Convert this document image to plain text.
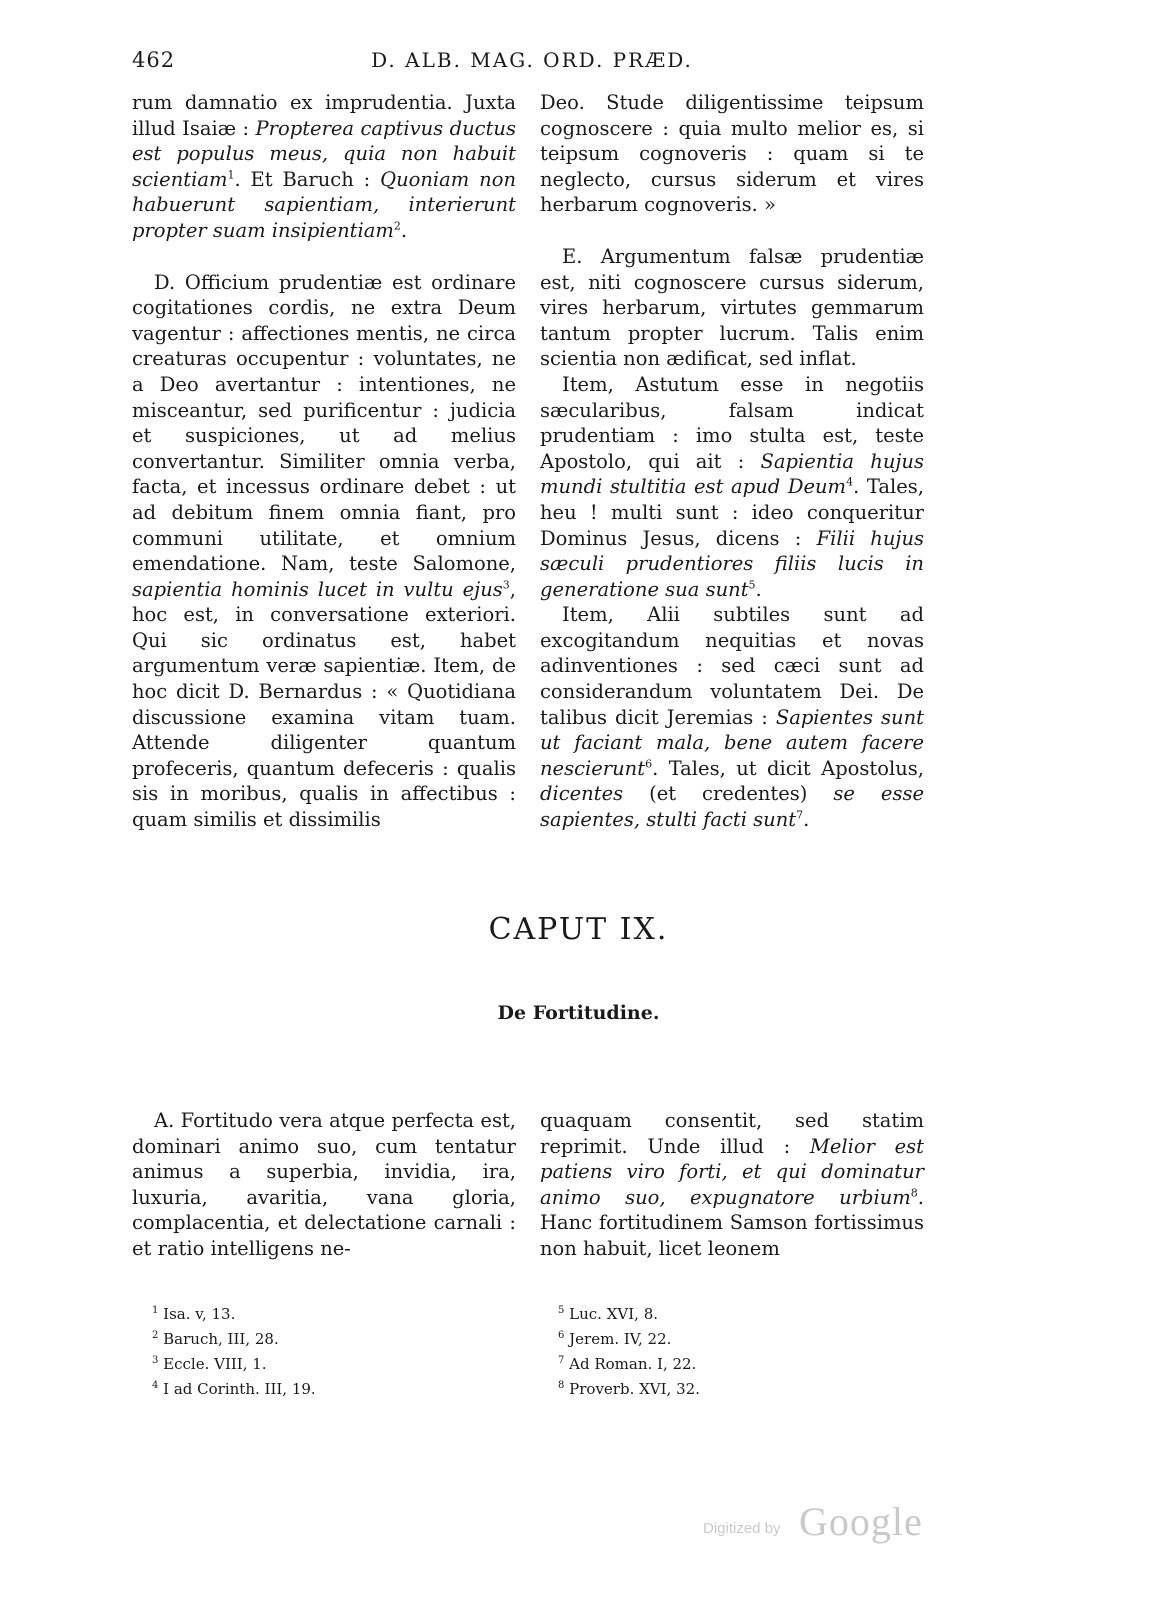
462	D. ALB. MAG. ORD. PRÆD.

rum damnatio ex imprudentia. Juxta illud Isaiæ : Propterea captivus ductus est populus meus, quia non habuit scientiam$^1$. Et Baruch : Quoniam non habuerunt sapientiam, interierunt propter suam insipientiam$^2$.

D. Officium prudentiæ est ordinare cogitationes cordis, ne extra Deum vagentur : affectiones mentis, ne circa creaturas occupentur : voluntates, ne a Deo avertantur : intentiones, ne misceantur, sed purificentur : judicia et suspiciones, ut ad melius convertantur. Similiter omnia verba, facta, et incessus ordinare debet : ut ad debitum finem omnia fiant, pro communi utilitate, et omnium emendatione. Nam, teste Salomone, sapientia hominis lucet in vultu ejus$^3$, hoc est, in conversatione exteriori. Qui sic ordinatus est, habet argumentum veræ sapientiæ. Item, de hoc dicit D. Bernardus : « Quotidiana discussione examina vitam tuam. Attende diligenter quantum profeceris, quantum defeceris : qualis sis in moribus, qualis in affectibus : quam similis et dissimilis

Deo. Stude diligentissime teipsum cognoscere : quia multo melior es, si teipsum cognoveris : quam si te neglecto, cursus siderum et vires herbarum cognoveris. »

E. Argumentum falsæ prudentiæ est, niti cognoscere cursus siderum, vires herbarum, virtutes gemmarum tantum propter lucrum. Talis enim scientia non ædificat, sed inflat.

Item, Astutum esse in negotiis sæcularibus, falsam indicat prudentiam : imo stulta est, teste Apostolo, qui ait : Sapientia hujus mundi stultitia est apud Deum$^4$. Tales, heu ! multi sunt : ideo conqueritur Dominus Jesus, dicens : Filii hujus sæculi prudentiores filiis lucis in generatione sua sunt$^5$.

Item, Alii subtiles sunt ad excogitandum nequitias et novas adinventiones : sed cæci sunt ad considerandum voluntatem Dei. De talibus dicit Jeremias : Sapientes sunt ut faciant mala, bene autem facere nescierunt$^6$. Tales, ut dicit Apostolus, dicentes (et credentes) se esse sapientes, stulti facti sunt$^7$.

CAPUT IX.
De Fortitudine.

A. Fortitudo vera atque perfecta est, dominari animo suo, cum tentatur animus a superbia, invidia, ira, luxuria, avaritia, vana gloria, complacentia, et delectatione carnali : et ratio intelligens ne-

quaquam consentit, sed statim reprimit. Unde illud : Melior est patiens viro forti, et qui dominatur animo suo, expugnatore urbium$^8$. Hanc fortitudinem Samson fortissimus non habuit, licet leonem

$^1$ Isa. v, 13.
$^2$ Baruch, III, 28.
$^3$ Eccle. VIII, 1.
$^4$ I ad Corinth. III, 19.
$^5$ Luc. XVI, 8.
$^6$ Jerem. IV, 22.
$^7$ Ad Roman. I, 22.
$^8$ Proverb. XVI, 32.
Digitized by Google
